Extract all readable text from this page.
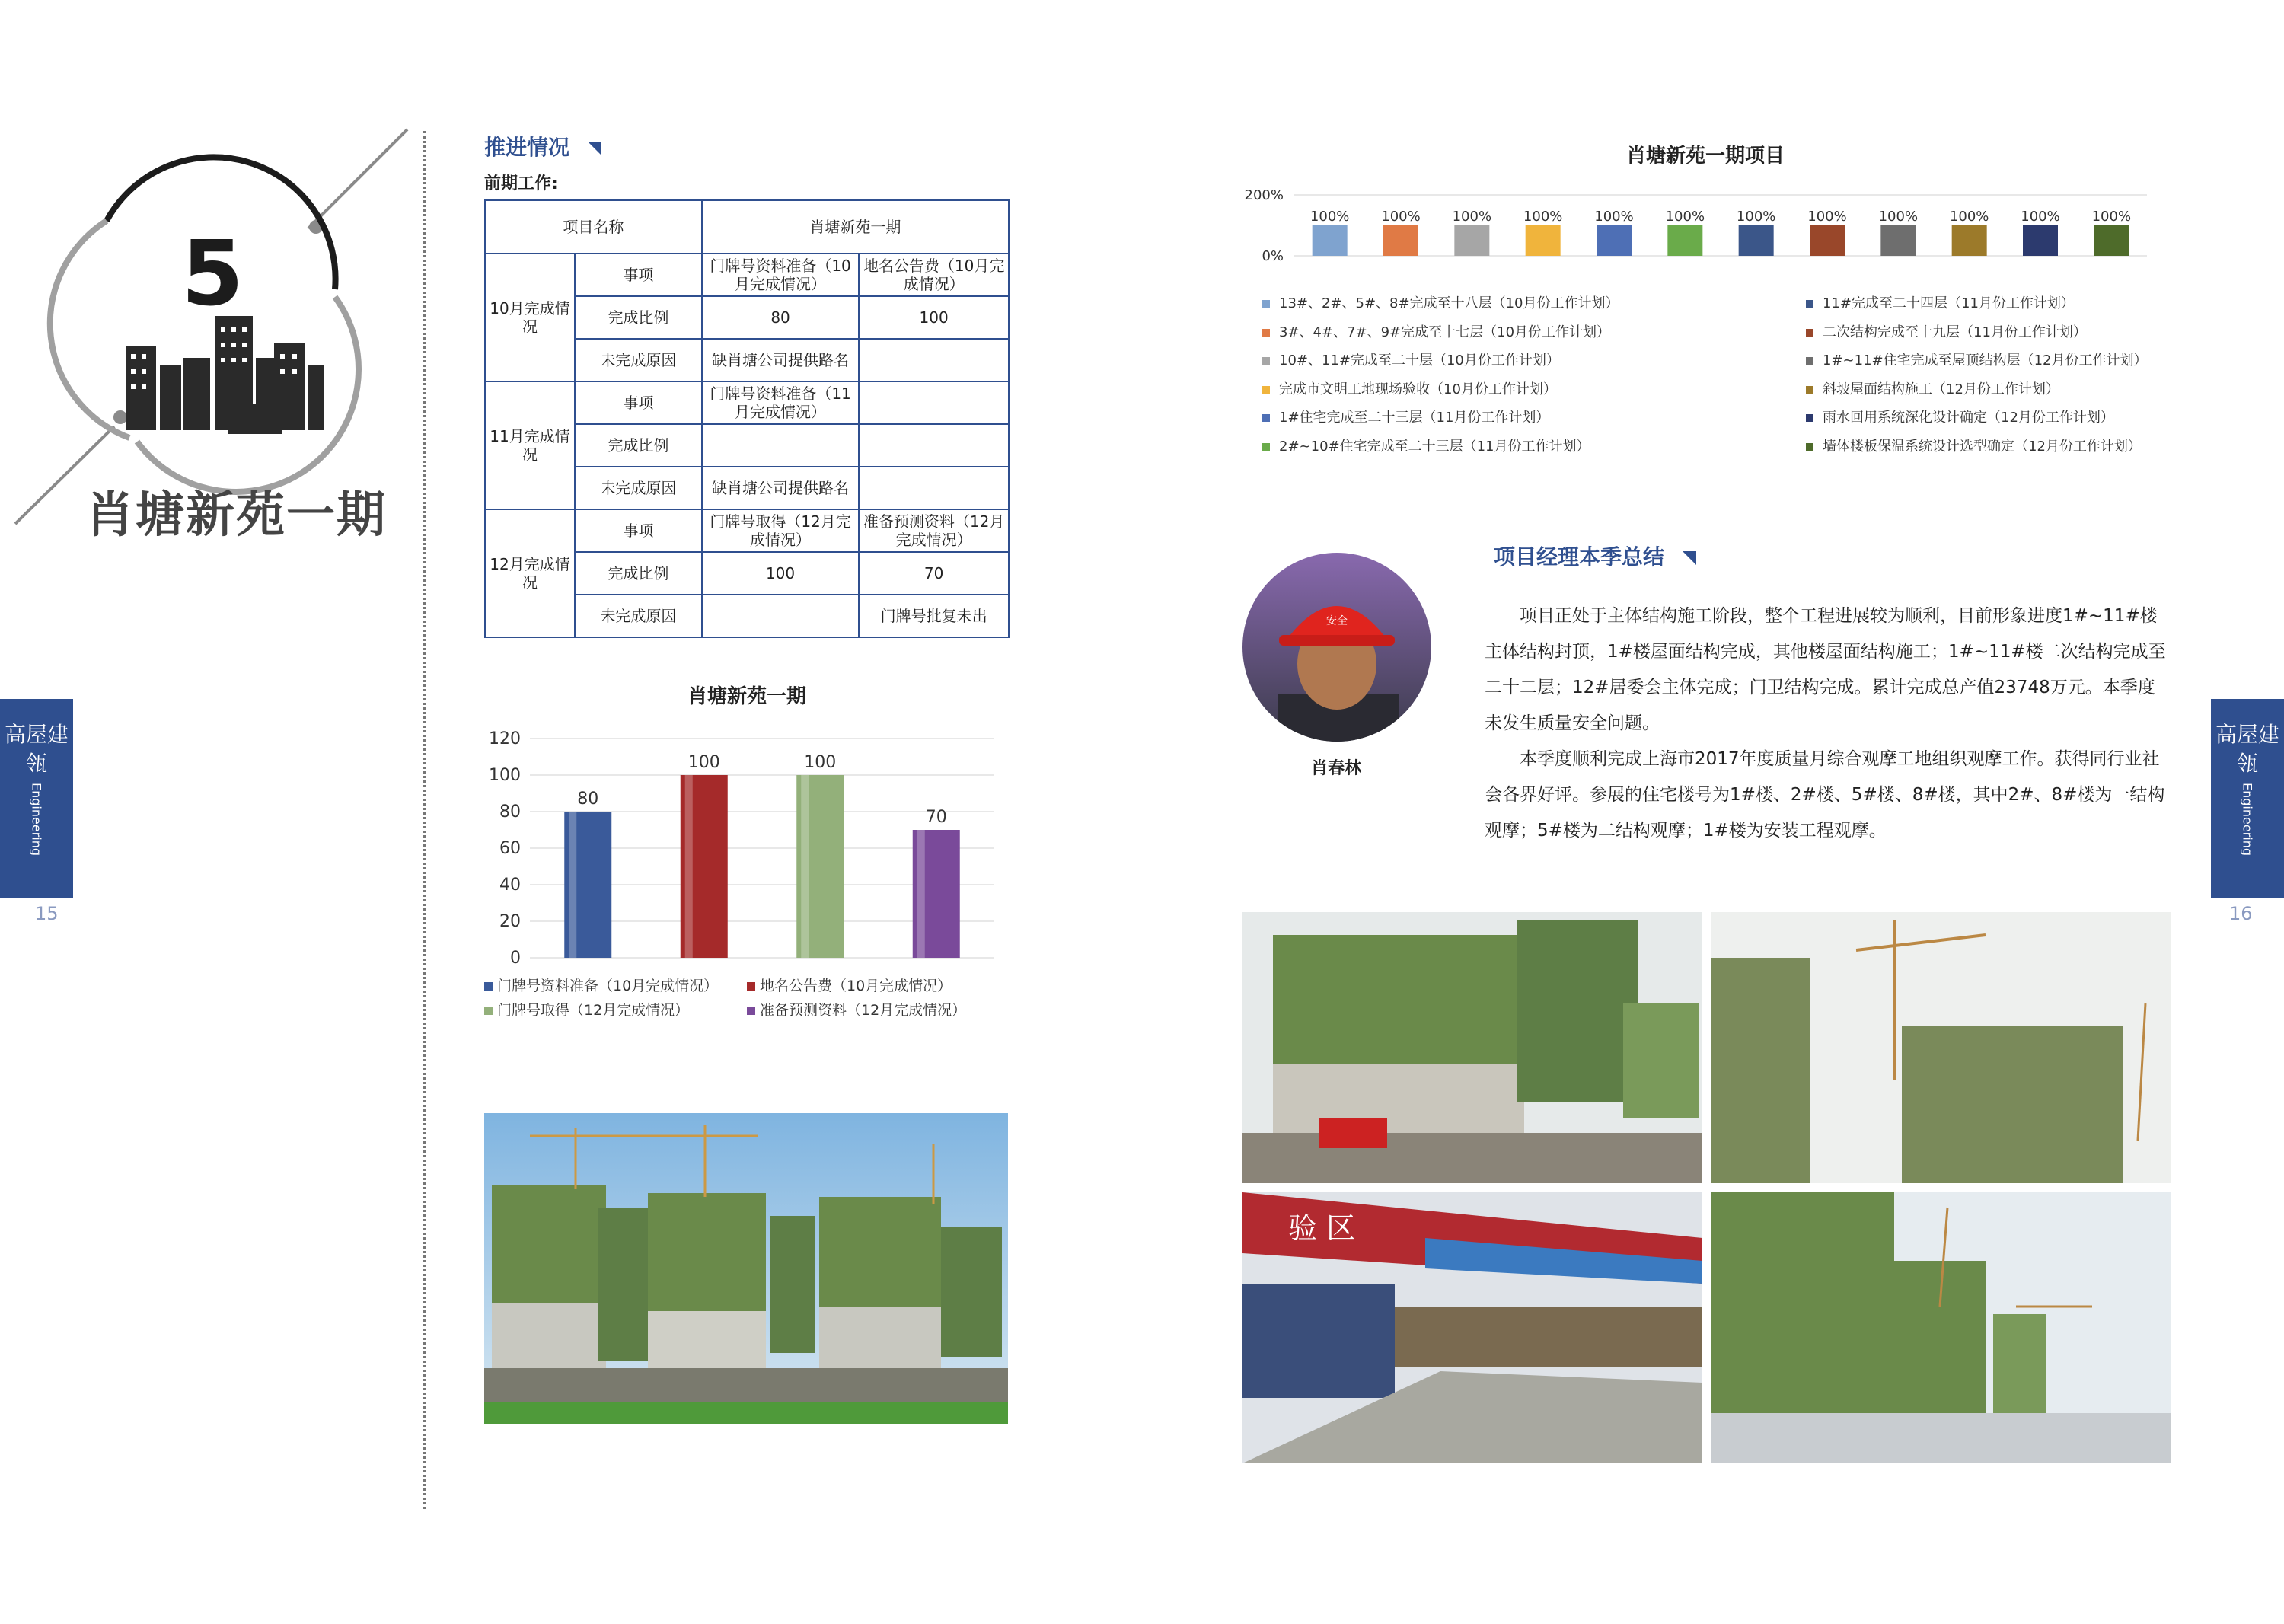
5
肖塘新苑一期
高屋建瓴
Engineering
15
推进情况
前期工作:
项目名称		肖塘新苑一期	
10月完成情况	事项	门牌号资料准备（10月完成情况）	地名公告费（10月完成情况）
	完成比例	80	100
	未完成原因	缺肖塘公司提供路名	
11月完成情况	事项	门牌号资料准备（11月完成情况）	
	完成比例		
	未完成原因	缺肖塘公司提供路名	
12月完成情况	事项	门牌号取得（12月完成情况）	准备预测资料（12月完成情况）
	完成比例	100	70
	未完成原因		门牌号批复未出
肖塘新苑一期
0
20
40
60
80
100
120
80
100	100
70
门牌号资料准备（10月完成情况）	地名公告费（10月完成情况）
门牌号取得（12月完成情况）	准备预测资料（12月完成情况）
肖塘新苑一期项目
0%
200%
100% 100% 100% 100% 100% 100% 100% 100% 100% 100% 100% 100%
13#、2#、5#、8#完成至十八层（10月份工作计划）
3#、4#、7#、9#完成至十七层（10月份工作计划）
10#、11#完成至二十层（10月份工作计划）
完成市文明工地现场验收（10月份工作计划）
1#住宅完成至二十三层（11月份工作计划）
2#~10#住宅完成至二十三层（11月份工作计划）
11#完成至二十四层（11月份工作计划）
二次结构完成至十九层（11月份工作计划）
1#~11#住宅完成至屋顶结构层（12月份工作计划）
斜坡屋面结构施工（12月份工作计划）
雨水回用系统深化设计确定（12月份工作计划）
墙体楼板保温系统设计选型确定（12月份工作计划）
项目经理本季总结
安全
肖春林

项目正处于主体结构施工阶段，整个工程进展较为顺利，目前形象进度1#~11#楼主体结构封顶，1#楼屋面结构完成，其他楼屋面结构施工；1#~11#楼二次结构完成至二十二层；12#居委会主体完成；门卫结构完成。累计完成总产值23748万元。本季度未发生质量安全问题。

本季度顺利完成上海市2017年度质量月综合观摩工地组织观摩工作。获得同行业社会各界好评。参展的住宅楼号为1#楼、2#楼、5#楼、8#楼，其中2#、8#楼为一结构观摩；5#楼为二结构观摩；1#楼为安装工程观摩。

高屋建瓴
Engineering
16
验 区
